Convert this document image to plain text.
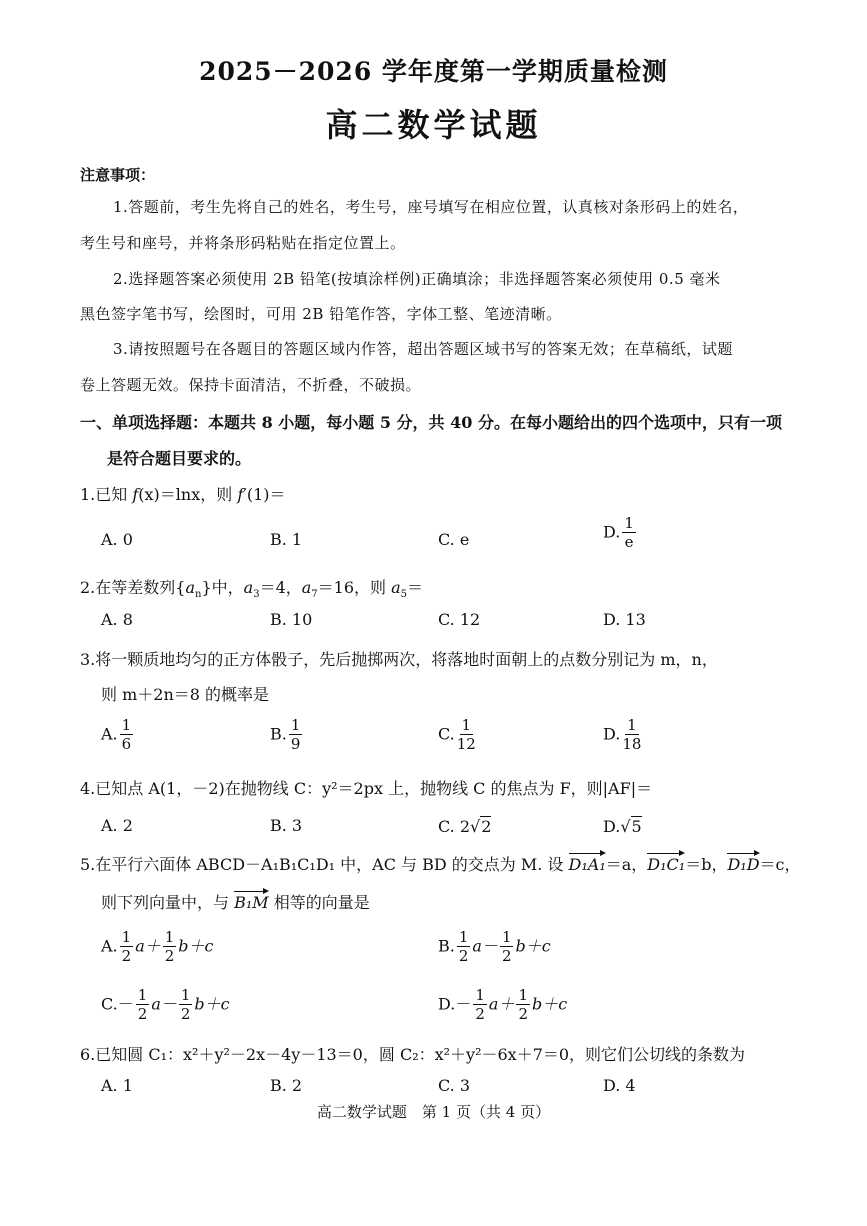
2025－2026 学年度第一学期质量检测
高二数学试题
注意事项：
1.答题前，考生先将自己的姓名，考生号，座号填写在相应位置，认真核对条形码上的姓名，
考生号和座号，并将条形码粘贴在指定位置上。
2.选择题答案必须使用 2B 铅笔(按填涂样例)正确填涂；非选择题答案必须使用 0.5 毫米
黑色签字笔书写，绘图时，可用 2B 铅笔作答，字体工整、笔迹清晰。
3.请按照题号在各题目的答题区域内作答，超出答题区域书写的答案无效；在草稿纸，试题
卷上答题无效。保持卡面清洁，不折叠，不破损。
一、单项选择题：本题共 8 小题，每小题 5 分，共 40 分。在每小题给出的四个选项中，只有一项
是符合题目要求的。
1.已知 f(x)＝lnx，则 f′(1)＝
A. 0	B. 1	C. e	D. $\frac{1}{e}$
2.在等差数列$\{a_n\}$中，$a_3=4$，$a_7=16$，则 $a_5=$
A. 8	B. 10	C. 12	D. 13
3.将一颗质地均匀的正方体骰子，先后抛掷两次，将落地时面朝上的点数分别记为 m，n，
则 m＋2n＝8 的概率是
A. $\frac{1}{6}$	B. $\frac{1}{9}$	C. $\frac{1}{12}$	D. $\frac{1}{18}$
4.已知点 A(1，－2)在抛物线 C：y²＝2px 上，抛物线 C 的焦点为 F，则|AF|＝
A. 2	B. 3	C. 2√2	D.√5
5.在平行六面体 ABCD－A₁B₁C₁D₁ 中，AC 与 BD 的交点为 M. 设 D₁A₁＝a，D₁C₁＝b，D₁D＝c，
则下列向量中，与 B₁M 相等的向量是
A. $\frac{1}{2} a+ \frac{1}{2} b+c$	B. $\frac{1}{2} a- \frac{1}{2} b+c$
$C.- \frac{1}{2} a- \frac{1}{2} b+c$	$D.- \frac{1}{2} a+ \frac{1}{2} b+c$
6.已知圆 C₁：x²＋y²－2x－4y－13＝0，圆 C₂：x²＋y²－6x＋7＝0，则它们公切线的条数为
A. 1	B. 2	C. 3	D. 4
高二数学试题　第 1 页（共 4 页）
